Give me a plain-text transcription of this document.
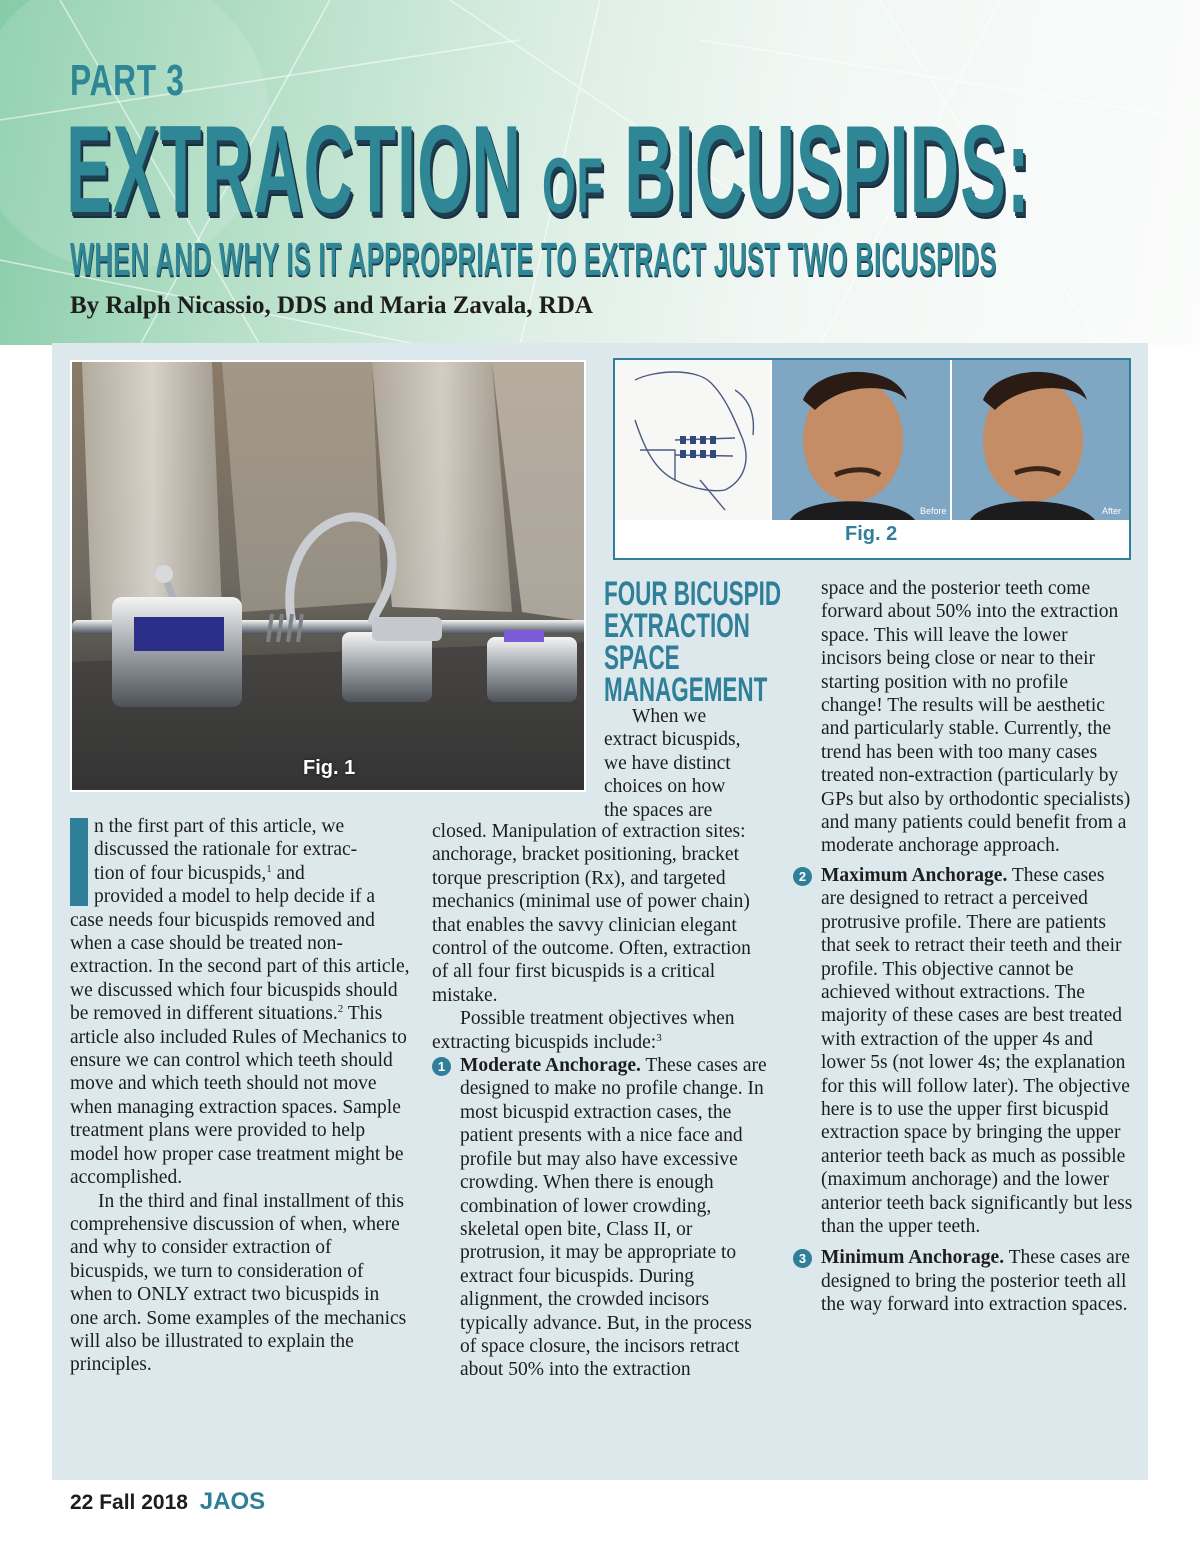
PART 3
EXTRACTION OF BICUSPIDS:
WHEN AND WHY IS IT APPROPRIATE TO EXTRACT JUST TWO BICUSPIDS
By Ralph Nicassio, DDS and Maria Zavala, RDA
Fig. 1
Before	After
Fig. 2
FOUR BICUSPID
EXTRACTION
SPACE
MANAGEMENT
When we
extract bicuspids,
we have distinct
choices on how
the spaces are

n the first part of this article, we
discussed the rationale for extrac-
tion of four bicuspids,$^1$ and
provided a model to help decide if a case needs four bicuspids removed and when a case should be treated non-extraction. In the second part of this article, we discussed which four bicuspids should be removed in different situations.$^2$ This article also included Rules of Mechanics to ensure we can control which teeth should move and which teeth should not move when managing extraction spaces. Sample treatment plans were provided to help model how proper case treatment might be accomplished.

In the third and final installment of this comprehensive discussion of when, where and why to consider extraction of bicuspids, we turn to consideration of when to ONLY extract two bicuspids in one arch. Some examples of the mechanics will also be illustrated to explain the principles.

closed. Manipulation of extraction sites: anchorage, bracket positioning, bracket torque prescription (Rx), and targeted mechanics (minimal use of power chain) that enables the savvy clinician elegant control of the outcome. Often, extraction of all four first bicuspids is a critical mistake.

Possible treatment objectives when extracting bicuspids include:$^3$

1 Moderate Anchorage. These cases are designed to make no profile change. In most bicuspid extraction cases, the patient presents with a nice face and profile but may also have excessive crowding. When there is enough combination of lower crowding, skeletal open bite, Class II, or protrusion, it may be appropriate to extract four bicuspids. During alignment, the crowded incisors typically advance. But, in the process of space closure, the incisors retract about 50% into the extraction

space and the posterior teeth come forward about 50% into the extraction space. This will leave the lower incisors being close or near to their starting position with no profile change! The results will be aesthetic and particularly stable. Currently, the trend has been with too many cases treated non-extraction (particularly by GPs but also by orthodontic specialists) and many patients could benefit from a moderate anchorage approach.

2 Maximum Anchorage. These cases are designed to retract a perceived protrusive profile. There are patients that seek to retract their teeth and their profile. This objective cannot be achieved without extractions. The majority of these cases are best treated with extraction of the upper 4s and lower 5s (not lower 4s; the explanation for this will follow later). The objective here is to use the upper first bicuspid extraction space by bringing the upper anterior teeth back as much as possible (maximum anchorage) and the lower anterior teeth back significantly but less than the upper teeth.
3 Minimum Anchorage. These cases are designed to bring the posterior teeth all the way forward into extraction spaces.
22 Fall 2018 JAOS
